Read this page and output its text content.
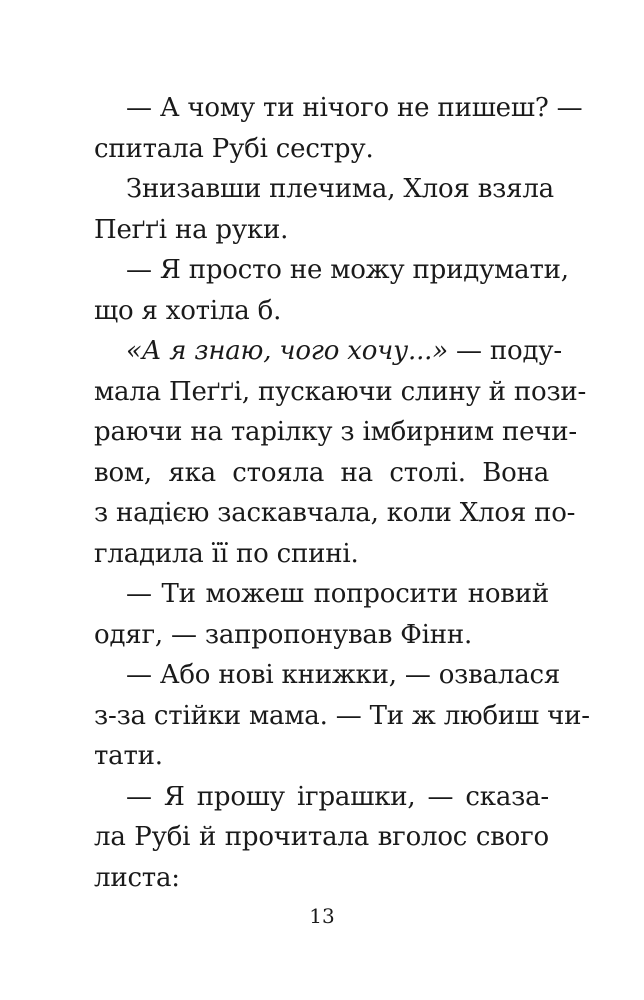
— А чому ти нічого не пишеш? —
спитала Рубі сестру.
Знизавши плечима, Хлоя взяла
Пеґґі на руки.
— Я просто не можу придумати,
що я хотіла б.
«А я знаю, чого хочу...» — поду-
мала Пеґґі, пускаючи слину й пози-
раючи на тарілку з імбирним печи-
вом, яка стояла на столі. Вона
з надією заскавчала, коли Хлоя по-
гладила її по спині.
— Ти можеш попросити новий
одяг, — запропонував Фінн.
— Або нові книжки, — озвалася
з-за стійки мама. — Ти ж любиш чи-
тати.
— Я прошу іграшки, — сказа-
ла Рубі й прочитала вголос свого
листа:
13
